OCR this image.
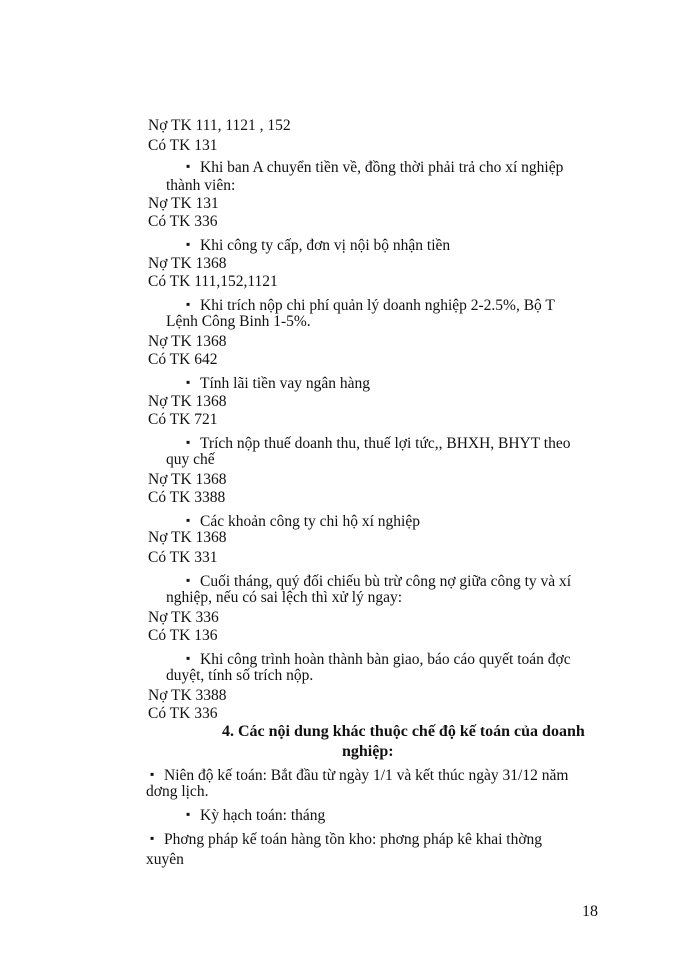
Nợ TK 111, 1121 , 152
Có TK 131
▪ Khi ban A chuyển tiền về, đồng thời phải trả cho xí nghiệp
thành viên:
Nợ TK 131
Có TK 336
▪ Khi công ty cấp, đơn vị nội bộ nhận tiền
Nợ TK 1368
Có TK 111,152,1121
▪ Khi trích nộp chi phí quản lý doanh nghiệp 2-2.5%, Bộ T
Lệnh Công Binh 1-5%.
Nợ TK 1368
Có TK 642
▪ Tính lãi tiền vay ngân hàng
Nợ TK 1368
Có TK 721
▪ Trích nộp thuế doanh thu, thuế lợi tức,, BHXH, BHYT theo
quy chế
Nợ TK 1368
Có TK 3388
▪ Các khoản công ty chi hộ xí nghiệp
Nợ TK 1368
Có TK 331
▪ Cuối tháng, quý đối chiếu bù trừ công nợ giữa công ty và xí
nghiệp, nếu có sai lệch thì xử lý ngay:
Nợ TK 336
Có TK 136
▪ Khi công trình hoàn thành bàn giao, báo cáo quyết toán đợc
duyệt, tính số trích nộp.
Nợ TK 3388
Có TK 336
4. Các nội dung khác thuộc chế độ kế toán của doanh
nghiệp:
▪ Niên độ kế toán: Bắt đầu từ ngày 1/1 và kết thúc ngày 31/12 năm
dơng lịch.
▪ Kỳ hạch toán: tháng
▪ Phơng pháp kế toán hàng tồn kho: phơng pháp kê khai thờng
xuyên
18
